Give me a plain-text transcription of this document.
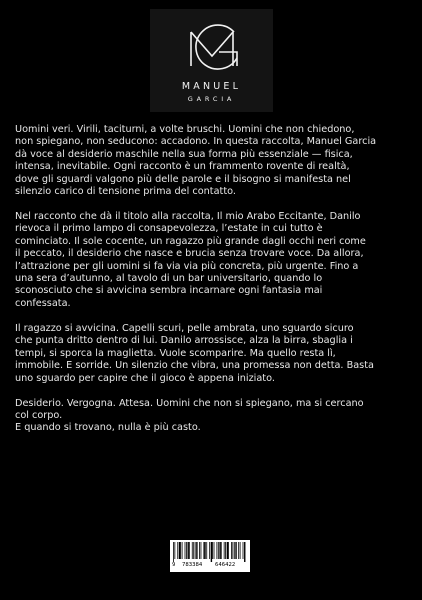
MANUEL
GARCIA

Uomini veri. Virili, taciturni, a volte bruschi. Uomini che non chiedono,
non spiegano, non seducono: accadono. In questa raccolta, Manuel Garcia
dà voce al desiderio maschile nella sua forma più essenziale — fisica,
intensa, inevitabile. Ogni racconto è un frammento rovente di realtà,
dove gli sguardi valgono più delle parole e il bisogno si manifesta nel
silenzio carico di tensione prima del contatto.

Nel racconto che dà il titolo alla raccolta, Il mio Arabo Eccitante, Danilo
rievoca il primo lampo di consapevolezza, l’estate in cui tutto è
cominciato. Il sole cocente, un ragazzo più grande dagli occhi neri come
il peccato, il desiderio che nasce e brucia senza trovare voce. Da allora,
l’attrazione per gli uomini si fa via via più concreta, più urgente. Fino a
una sera d’autunno, al tavolo di un bar universitario, quando lo
sconosciuto che si avvicina sembra incarnare ogni fantasia mai
confessata.

Il ragazzo si avvicina. Capelli scuri, pelle ambrata, uno sguardo sicuro
che punta dritto dentro di lui. Danilo arrossisce, alza la birra, sbaglia i
tempi, si sporca la maglietta. Vuole scomparire. Ma quello resta lì,
immobile. E sorride. Un silenzio che vibra, una promessa non detta. Basta
uno sguardo per capire che il gioco è appena iniziato.

Desiderio. Vergogna. Attesa. Uomini che non si spiegano, ma si cercano
col corpo.
E quando si trovano, nulla è più casto.

9 783384 646422
